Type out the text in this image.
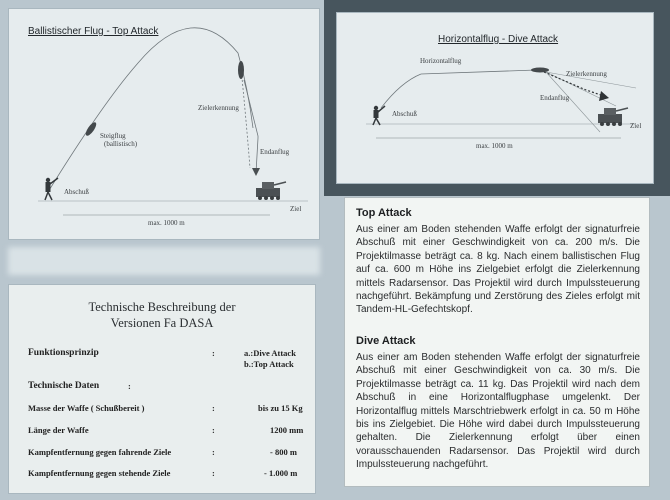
Ballistischer Flug - Top Attack
Steigflug
(ballistisch)
Zielerkennung
Endanflug
Abschuß
Ziel
max. 1000 m
Horizontalflug - Dive Attack
Horizontalflug
Zielerkennung
Endanflug
Abschuß
Ziel
max. 1000 m
Technische Beschreibung der
Versionen Fa DASA
Funktionsprinzip	:	a.:Dive Attack
b.:Top Attack
Technische Daten	:
Masse der Waffe ( Schußbereit )	:	bis zu 15 Kg
Länge der Waffe	:	1200 mm
Kampfentfernung gegen fahrende Ziele	:	- 800 m
Kampfentfernung gegen stehende Ziele	:	- 1.000 m
Top Attack
Aus einer am Boden stehenden Waffe erfolgt der signaturfreie Abschuß mit einer Geschwindigkeit von ca. 200 m/s. Die Projektilmasse beträgt ca. 8 kg. Nach einem ballistischen Flug auf ca. 600 m Höhe ins Zielgebiet erfolgt die Zielerkennung mittels Radarsensor. Das Projektil wird durch Impulssteuerung nachgeführt. Bekämpfung und Zerstörung des Zieles erfolgt mit Tandem-HL-Gefechtskopf.
Dive Attack
Aus einer am Boden stehenden Waffe erfolgt der signaturfreie Abschuß mit einer Geschwindigkeit von ca. 30 m/s. Die Projektilmasse beträgt ca. 11 kg. Das Projektil wird nach dem Abschuß in eine Horizontalflugphase umgelenkt. Der Horizontalflug mittels Marschtriebwerk erfolgt in ca. 50 m Höhe bis ins Zielgebiet. Die Höhe wird dabei durch Impulssteuerung gehalten. Die Zielerkennung erfolgt über einen vorausschauenden Radarsensor. Das Projektil wird durch Impulssteuerung nachgeführt.
